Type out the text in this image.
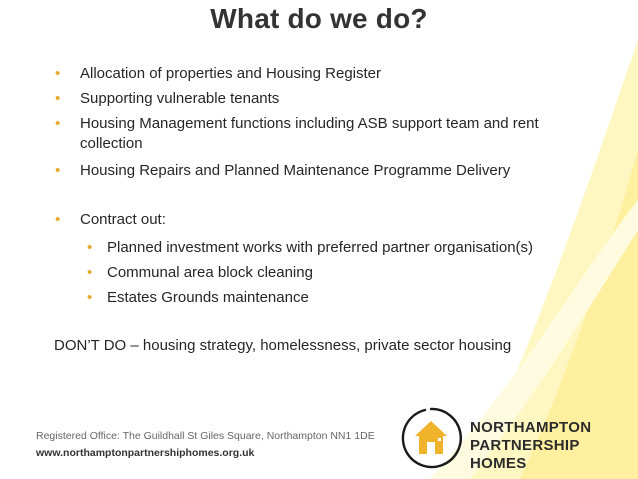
What do we do?
• Allocation of properties and Housing Register
• Supporting vulnerable tenants
• Housing Management functions including ASB support team and rent
collection
• Housing Repairs and Planned Maintenance Programme Delivery
• Contract out:
• Planned investment works with preferred partner organisation(s)
• Communal area block cleaning
• Estates Grounds maintenance
DON’T DO – housing strategy, homelessness, private sector housing
Registered Office: The Guildhall St Giles Square, Northampton NN1 1DE
www.northamptonpartnershiphomes.org.uk
NORTHAMPTON
PARTNERSHIP HOMES
